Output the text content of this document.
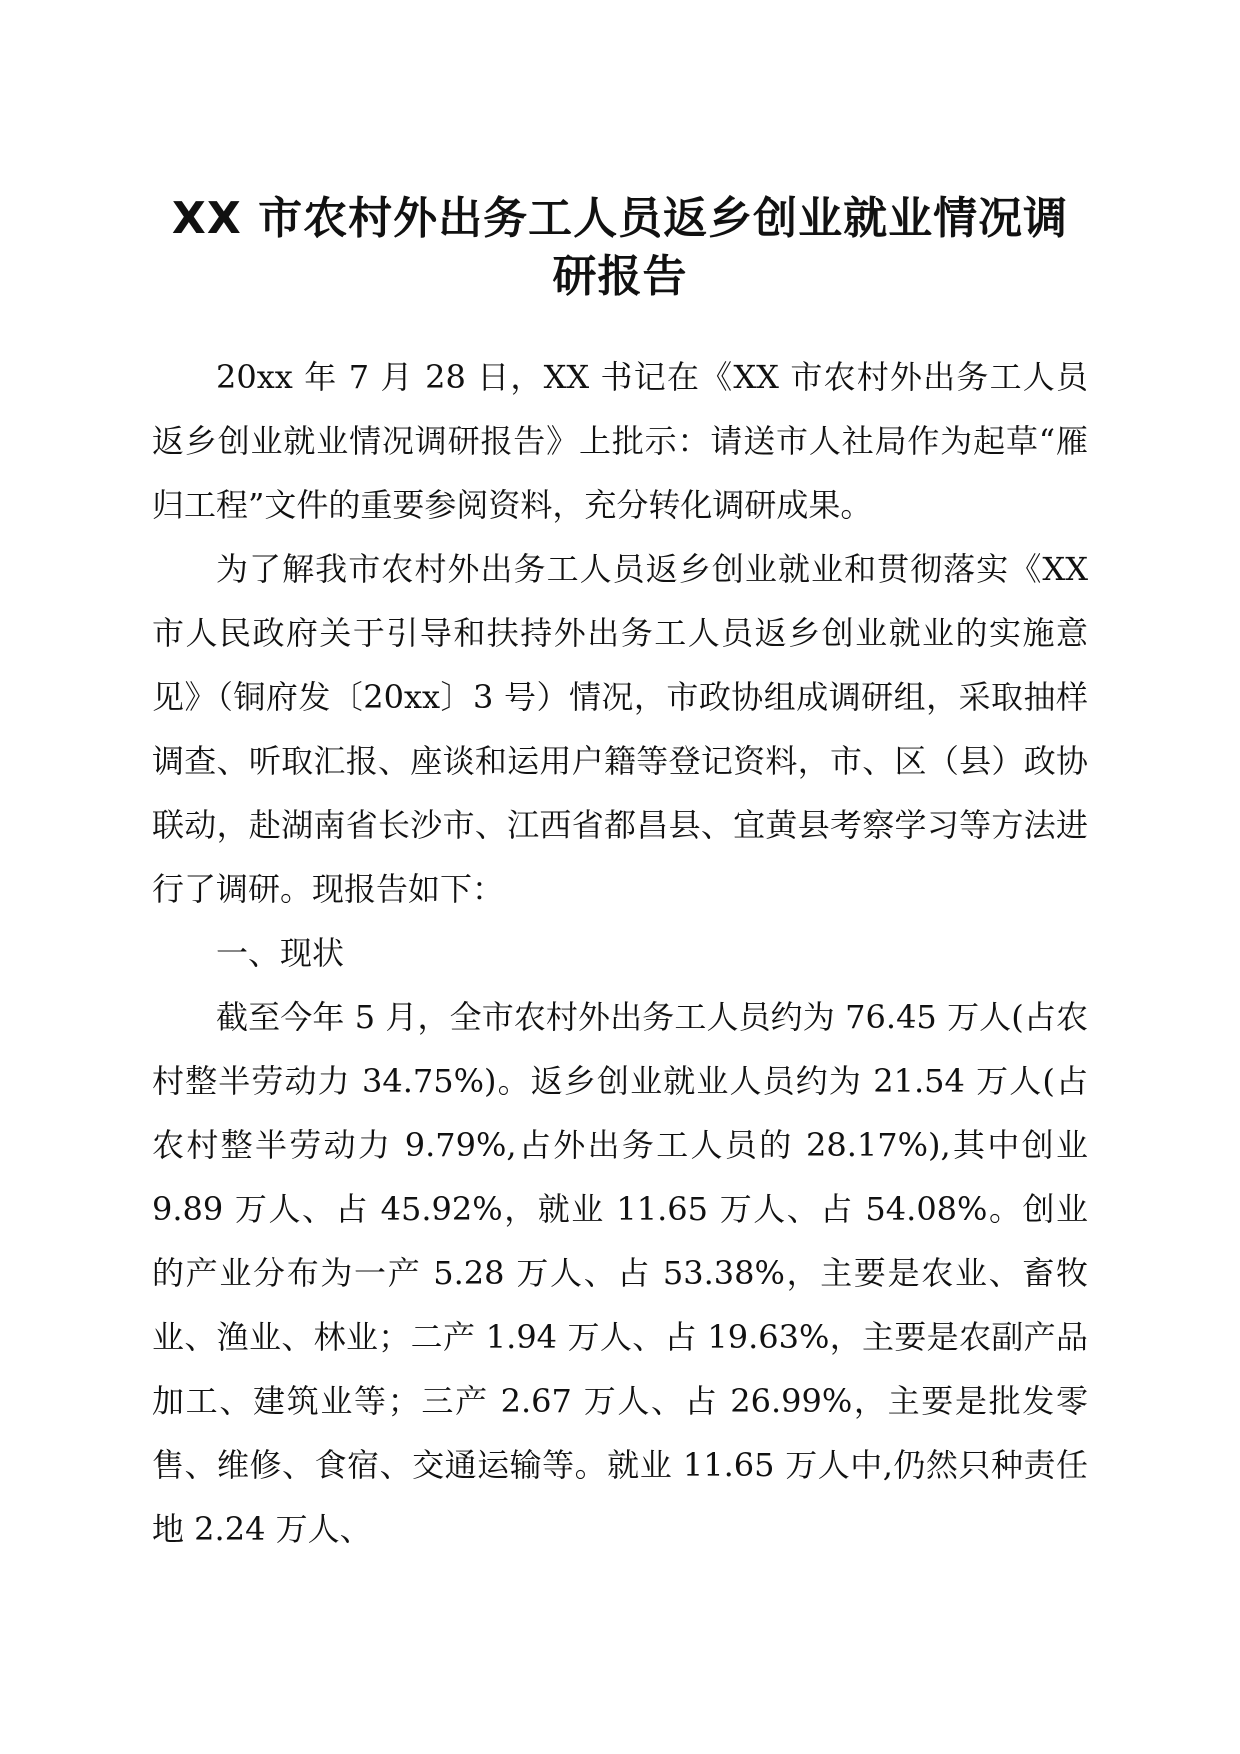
XX 市农村外出务工人员返乡创业就业情况调研报告

20xx 年 7 月 28 日，XX 书记在《XX 市农村外出务工人员返乡创业就业情况调研报告》上批示：请送市人社局作为起草“雁归工程”文件的重要参阅资料，充分转化调研成果。

为了解我市农村外出务工人员返乡创业就业和贯彻落实《XX 市人民政府关于引导和扶持外出务工人员返乡创业就业的实施意见》（铜府发〔20xx〕3 号）情况，市政协组成调研组，采取抽样调查、听取汇报、座谈和运用户籍等登记资料，市、区（县）政协联动，赴湖南省长沙市、江西省都昌县、宜黄县考察学习等方法进行了调研。现报告如下：

一、现状

截至今年 5 月，全市农村外出务工人员约为 76.45 万人(占农村整半劳动力 34.75%)。返乡创业就业人员约为 21.54 万人(占农村整半劳动力 9.79%,占外出务工人员的 28.17%),其中创业 9.89 万人、占 45.92%，就业 11.65 万人、占 54.08%。创业的产业分布为一产 5.28 万人、占 53.38%，主要是农业、畜牧业、渔业、林业；二产 1.94 万人、占 19.63%，主要是农副产品加工、建筑业等；三产 2.67 万人、占 26.99%，主要是批发零售、维修、食宿、交通运输等。就业 11.65 万人中,仍然只种责任地 2.24 万人、
